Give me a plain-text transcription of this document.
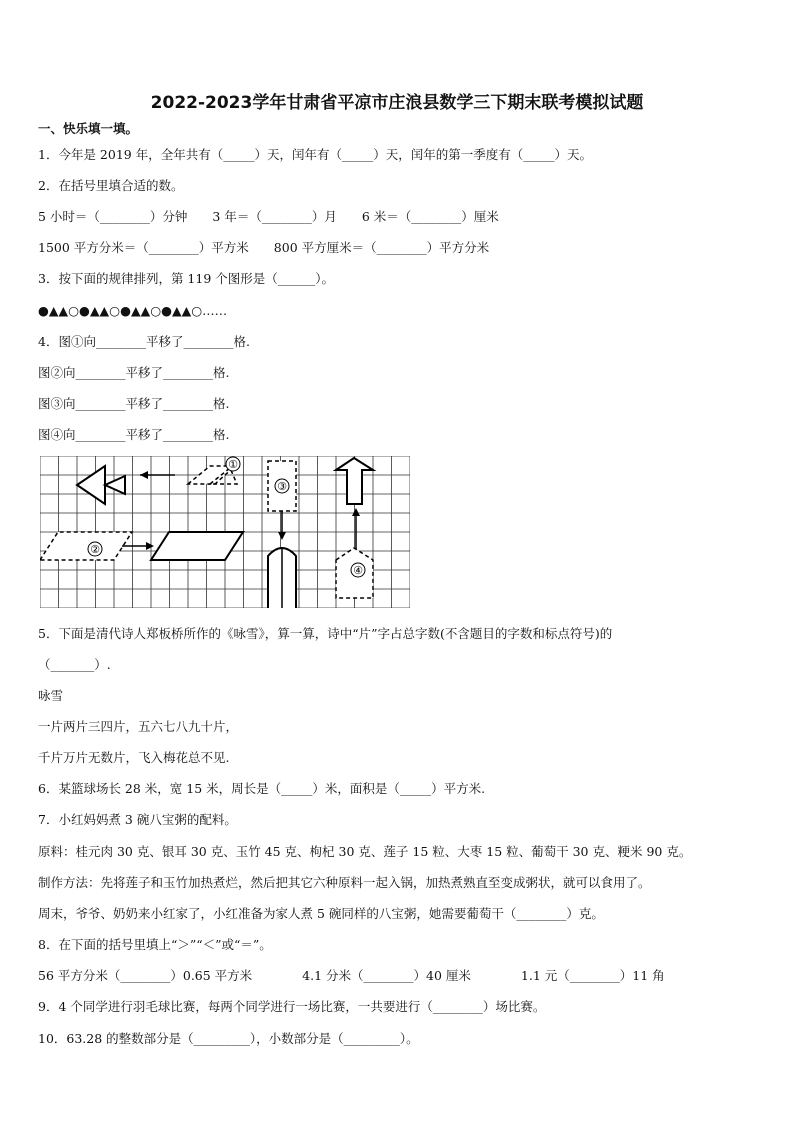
2022-2023学年甘肃省平凉市庄浪县数学三下期末联考模拟试题
一、快乐填一填。
1．今年是 2019 年，全年共有（_____）天，闰年有（_____）天，闰年的第一季度有（_____）天。
2．在括号里填合适的数。
5 小时＝（________）分钟　　3 年＝（________）月　　6 米＝（________）厘米
1500 平方分米＝（________）平方米　　800 平方厘米＝（________）平方分米
3．按下面的规律排列，第 119 个图形是（______）。
●▲▲○●▲▲○●▲▲○●▲▲○……
4．图①向________平移了________格.
图②向________平移了________格.
图③向________平移了________格.
图④向________平移了________格.
①
③
②
④
5．下面是清代诗人郑板桥所作的《咏雪》，算一算，诗中“片”字占总字数(不含题目的字数和标点符号)的
（_______）.
咏雪
一片两片三四片，五六七八九十片，
千片万片无数片，飞入梅花总不见.
6．某篮球场长 28 米，宽 15 米，周长是（_____）米，面积是（_____）平方米.
7．小红妈妈煮 3 碗八宝粥的配料。
原料：桂元肉 30 克、银耳 30 克、玉竹 45 克、枸杞 30 克、莲子 15 粒、大枣 15 粒、葡萄干 30 克、粳米 90 克。
制作方法：先将莲子和玉竹加热煮烂，然后把其它六种原料一起入锅，加热煮熟直至变成粥状，就可以食用了。
周末，爷爷、奶奶来小红家了，小红准备为家人煮 5 碗同样的八宝粥，她需要葡萄干（________）克。
8．在下面的括号里填上“＞”“＜”或“＝”。
56 平方分米（________）0.65 平方米　　　　4.1 分米（________）40 厘米　　　　1.1 元（________）11 角
9．4 个同学进行羽毛球比赛，每两个同学进行一场比赛，一共要进行（________）场比赛。
10．63.28 的整数部分是（_________），小数部分是（_________）。
